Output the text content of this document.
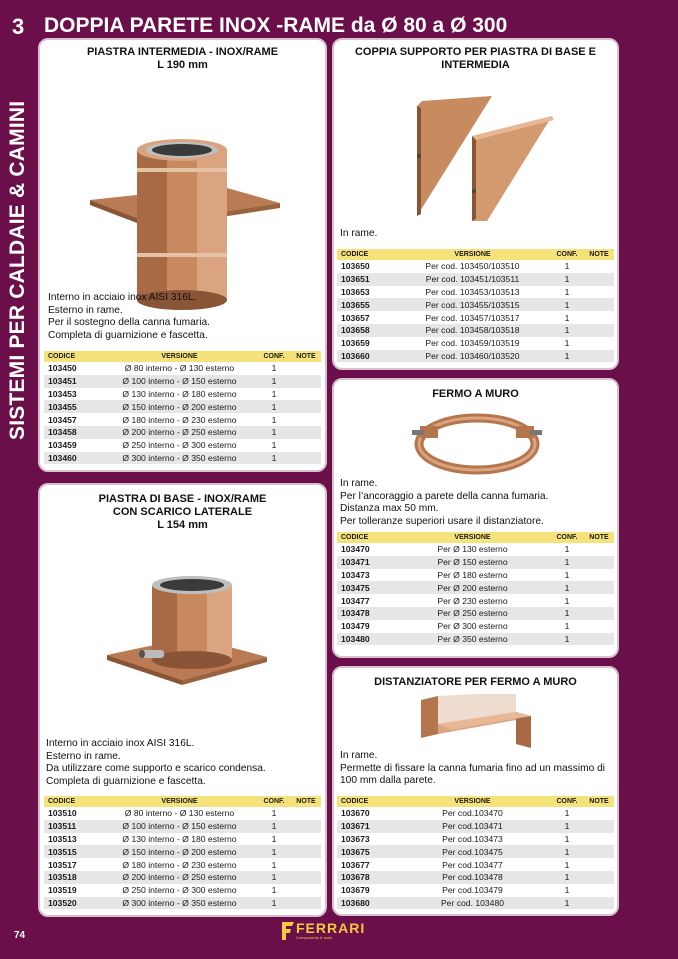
3
SISTEMI PER CALDAIE & CAMINI
DOPPIA PARETE INOX -RAME da Ø 80 a Ø 300
PIASTRA INTERMEDIA - INOX/RAME
L 190 mm
Interno in acciaio inox AISI 316L.
Esterno in rame.
Per il sostegno della canna fumaria.
Completa di guarnizione e fascetta.
CODICE	VERSIONE	CONF.	NOTE
103450	Ø 80 interno - Ø 130 esterno	1	
103451	Ø 100 interno - Ø 150 esterno	1	
103453	Ø 130 interno - Ø 180 esterno	1	
103455	Ø 150 interno - Ø 200 esterno	1	
103457	Ø 180 interno - Ø 230 esterno	1	
103458	Ø 200 interno - Ø 250 esterno	1	
103459	Ø 250 interno - Ø 300 esterno	1	
103460	Ø 300 interno - Ø 350 esterno	1	
PIASTRA DI BASE - INOX/RAME
CON SCARICO LATERALE
L 154 mm
Interno in acciaio inox AISI 316L.
Esterno in rame.
Da utilizzare come supporto e scarico condensa.
Completa di guarnizione e fascetta.
CODICE	VERSIONE	CONF.	NOTE
103510	Ø 80 interno - Ø 130 esterno	1	
103511	Ø 100 interno - Ø 150 esterno	1	
103513	Ø 130 interno - Ø 180 esterno	1	
103515	Ø 150 interno - Ø 200 esterno	1	
103517	Ø 180 interno - Ø 230 esterno	1	
103518	Ø 200 interno - Ø 250 esterno	1	
103519	Ø 250 interno - Ø 300 esterno	1	
103520	Ø 300 interno - Ø 350 esterno	1	
COPPIA SUPPORTO PER PIASTRA DI BASE E
INTERMEDIA
In rame.
CODICE	VERSIONE	CONF.	NOTE
103650	Per cod. 103450/103510	1	
103651	Per cod. 103451/103511	1	
103653	Per cod. 103453/103513	1	
103655	Per cod. 103455/103515	1	
103657	Per cod. 103457/103517	1	
103658	Per cod. 103458/103518	1	
103659	Per cod. 103459/103519	1	
103660	Per cod. 103460/103520	1	
FERMO A MURO
In rame.
Per l’ancoraggio a parete della canna fumaria.
Distanza max 50 mm.
Per tolleranze superiori usare il distanziatore.
CODICE	VERSIONE	CONF.	NOTE
103470	Per Ø 130 esterno	1	
103471	Per Ø 150 esterno	1	
103473	Per Ø 180 esterno	1	
103475	Per Ø 200 esterno	1	
103477	Per Ø 230 esterno	1	
103478	Per Ø 250 esterno	1	
103479	Per Ø 300 esterno	1	
103480	Per Ø 350 esterno	1	
DISTANZIATORE PER FERMO A MURO
In rame.
Permette di fissare la canna fumaria fino ad un massimo di
100 mm dalla parete.
CODICE	VERSIONE	CONF.	NOTE
103670	Per cod.103470	1	
103671	Per cod.103471	1	
103673	Per cod.103473	1	
103675	Per cod.103475	1	
103677	Per cod.103477	1	
103678	Per cod.103478	1	
103679	Per cod.103479	1	
103680	Per cod. 103480	1	
74	FERRARI
Components & tools
